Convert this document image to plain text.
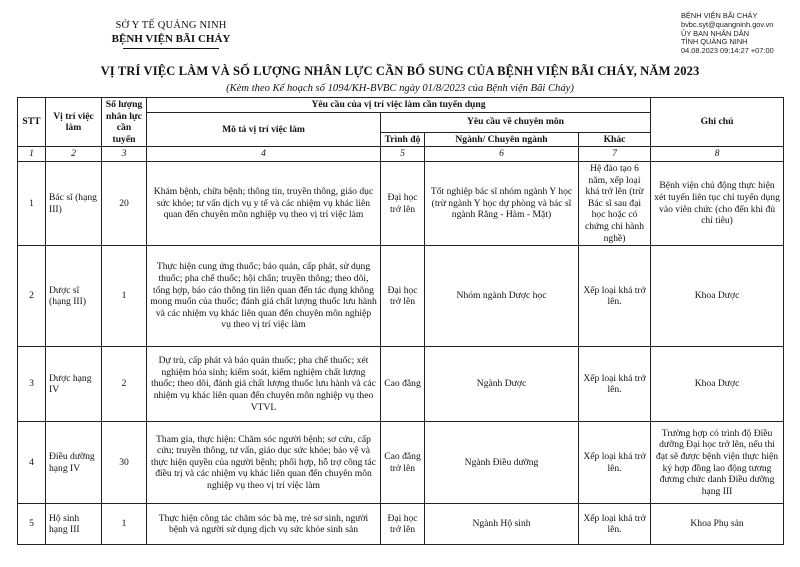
SỞ Y TẾ QUẢNG NINH
BỆNH VIỆN BÃI CHÁY
BỆNH VIỆN BÃI CHÁY
bvbc.syt@quangninh.gov.vn
ỦY BAN NHÂN DÂN
TỈNH QUẢNG NINH
04.08.2023 09:14:27 +07:00
VỊ TRÍ VIỆC LÀM VÀ SỐ LƯỢNG NHÂN LỰC CẦN BỔ SUNG CỦA BỆNH VIỆN BÃI CHÁY, NĂM 2023
(Kèm theo Kế hoạch số 1094/KH-BVBC ngày 01/8/2023 của Bệnh viện Bãi Cháy)
STT	Vị trí việc làm	Số lượng nhân lực cần tuyển	Yêu cầu của vị trí việc làm cần tuyển dụng				Ghi chú
			Mô tả vị trí việc làm	Yêu cầu về chuyên môn			
				Trình độ	Ngành/ Chuyên ngành	Khác	
1	2	3	4	5	6	7	8
1	Bác sĩ (hạng III)	20	Khám bệnh, chữa bệnh; thông tin, truyền thông, giáo dục sức khỏe; tư vấn dịch vụ y tế và các nhiệm vụ khác liên quan đến chuyên môn nghiệp vụ theo vị trí việc làm	Đại học trở lên	Tốt nghiệp bác sĩ nhóm ngành Y học (trừ ngành Y học dự phòng và bác sĩ ngành Răng - Hàm - Mặt)	Hệ đào tạo 6 năm, xếp loại khá trở lên (trừ Bác sĩ sau đại học hoặc có chứng chỉ hành nghề)	Bệnh viện chủ động thực hiện xét tuyển liên tục chỉ tuyển dụng vào viên chức (cho đến khi đủ chỉ tiêu)
2	Dược sĩ (hạng III)	1	Thực hiện cung ứng thuốc; bảo quản, cấp phát, sử dụng thuốc; pha chế thuốc; hội chẩn; truyền thông; theo dõi, tổng hợp, báo cáo thông tin liên quan đến tác dụng không mong muốn của thuốc; đánh giá chất lượng thuốc lưu hành và các nhiệm vụ khác liên quan đến chuyên môn nghiệp vụ theo vị trí việc làm	Đại học trở lên	Nhóm ngành Dược học	Xếp loại khá trở lên.	Khoa Dược
3	Dược hạng IV	2	Dự trù, cấp phát và bảo quản thuốc; pha chế thuốc; xét nghiệm hóa sinh; kiểm soát, kiểm nghiệm chất lượng thuốc; theo dõi, đánh giá chất lượng thuốc lưu hành và các nhiệm vụ khác liên quan đến chuyên môn nghiệp vụ theo VTVL	Cao đẳng	Ngành Dược	Xếp loại khá trở lên.	Khoa Dược
4	Điều dưỡng hạng IV	30	Tham gia, thực hiện: Chăm sóc người bệnh; sơ cứu, cấp cứu; truyền thông, tư vấn, giáo dục sức khỏe; bảo vệ và thực hiện quyền của người bệnh; phối hợp, hỗ trợ công tác điều trị và các nhiệm vụ khác liên quan đến chuyên môn nghiệp vụ theo vị trí việc làm	Cao đẳng trở lên	Ngành Điều dưỡng	Xếp loại khá trở lên.	Trường hợp có trình độ Điều dưỡng Đại học trở lên, nếu thi đạt sẽ được bệnh viện thực hiện ký hợp đồng lao động tương đương chức danh Điều dưỡng hạng III
5	Hộ sinh hạng III	1	Thực hiện công tác chăm sóc bà mẹ, trẻ sơ sinh, người bệnh và người sử dụng dịch vụ sức khỏe sinh sản	Đại học trở lên	Ngành Hộ sinh	Xếp loại khá trở lên.	Khoa Phụ sản
